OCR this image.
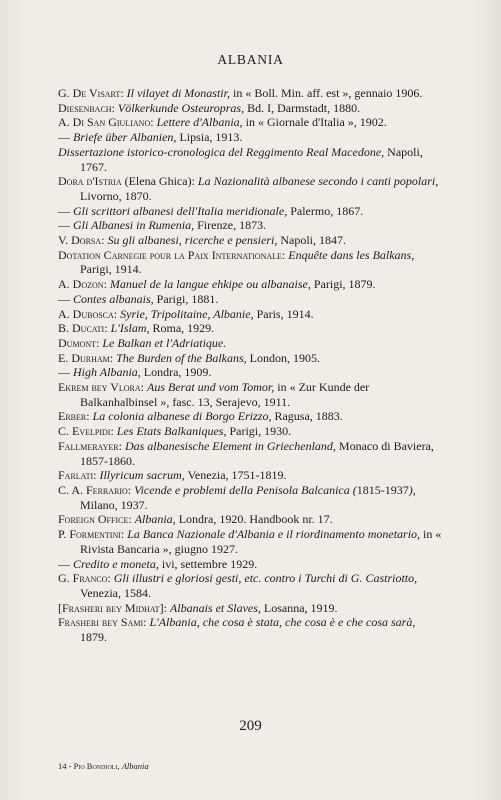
ALBANIA
G. De Visart: Il vilayet di Monastir, in « Boll. Min. aff. est », gennaio 1906.
Diesenbach: Völkerkunde Osteuropras, Bd. I, Darmstadt, 1880.
A. Di San Giuliano: Lettere d'Albania, in « Giornale d'Italia », 1902.
— Briefe über Albanien, Lipsia, 1913.
Dissertazione istorico-cronologica del Reggimento Real Macedone, Napoli, 1767.
Dora d'Istria (Elena Ghica): La Nazionalità albanese secondo i canti popolari, Livorno, 1870.
— Gli scrittori albanesi dell'Italia meridionale, Palermo, 1867.
— Gli Albanesi in Rumenia, Firenze, 1873.
V. Dorsa: Su gli albanesi, ricerche e pensieri, Napoli, 1847.
Dotation Carnegie pour la Paix Internationale: Enquête dans les Balkans, Parigi, 1914.
A. Dozon: Manuel de la langue ehkipe ou albanaise, Parigi, 1879.
— Contes albanais, Parigi, 1881.
A. Dubosca: Syrie, Tripolitaine, Albanie, Paris, 1914.
B. Ducati: L'Islam, Roma, 1929.
Dumont: Le Balkan et l'Adriatique.
E. Durham: The Burden of the Balkans, London, 1905.
— High Albania, Londra, 1909.
Ekrem bey Vlora: Aus Berat und vom Tomor, in « Zur Kunde der Balkanhalbinsel », fasc. 13, Serajevo, 1911.
Erber: La colonia albanese di Borgo Erizzo, Ragusa, 1883.
C. Evelpidi: Les Etats Balkaniques, Parigi, 1930.
Fallmerayer: Das albanesische Element in Griechenland, Monaco di Baviera, 1857-1860.
Farlati: Illyricum sacrum, Venezia, 1751-1819.
C. A. Ferrario: Vicende e problemi della Penisola Balcanica (1815-1937), Milano, 1937.
Foreign Office: Albania, Londra, 1920. Handbook nr. 17.
P. Formentini: La Banca Nazionale d'Albania e il riordinamento monetario, in « Rivista Bancaria », giugno 1927.
— Credito e moneta, ivi, settembre 1929.
G. Franco: Gli illustri e gloriosi gesti, etc. contro i Turchi di G. Castriotto, Venezia, 1584.
[Frasheri bey Midhat]: Albanais et Slaves, Losanna, 1919.
Frasheri bey Sami: L'Albania, che cosa è stata, che cosa è e che cosa sarà, 1879.
209
14 - Pio Bondioli, Albania
